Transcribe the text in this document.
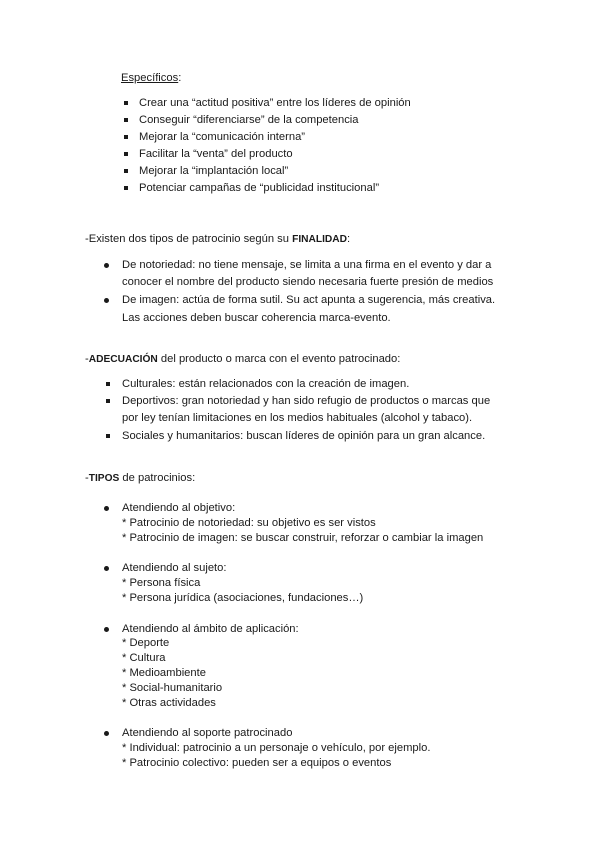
Específicos:
Crear una “actitud positiva” entre los líderes de opinión
Conseguir “diferenciarse” de la competencia
Mejorar la “comunicación interna”
Facilitar la “venta” del producto
Mejorar la “implantación local”
Potenciar campañas de “publicidad institucional”
-Existen dos tipos de patrocinio según su FINALIDAD:
De notoriedad: no tiene mensaje, se limita a una firma en el evento y dar a
conocer el nombre del producto siendo necesaria fuerte presión de medios
De imagen: actúa de forma sutil. Su act apunta a sugerencia, más creativa.
Las acciones deben buscar coherencia marca-evento.
-ADECUACIÓN del producto o marca con el evento patrocinado:
Culturales: están relacionados con la creación de imagen.
Deportivos: gran notoriedad y han sido refugio de productos o marcas que
por ley tenían limitaciones en los medios habituales (alcohol y tabaco).
Sociales y humanitarios: buscan líderes de opinión para un gran alcance.
-TIPOS de patrocinios:
Atendiendo al objetivo:
* Patrocinio de notoriedad: su objetivo es ser vistos
* Patrocinio de imagen: se buscar construir, reforzar o cambiar la imagen
Atendiendo al sujeto:
* Persona física
* Persona jurídica (asociaciones, fundaciones…)
Atendiendo al ámbito de aplicación:
* Deporte
* Cultura
* Medioambiente
* Social-humanitario
* Otras actividades
Atendiendo al soporte patrocinado
* Individual: patrocinio a un personaje o vehículo, por ejemplo.
* Patrocinio colectivo: pueden ser a equipos o eventos
